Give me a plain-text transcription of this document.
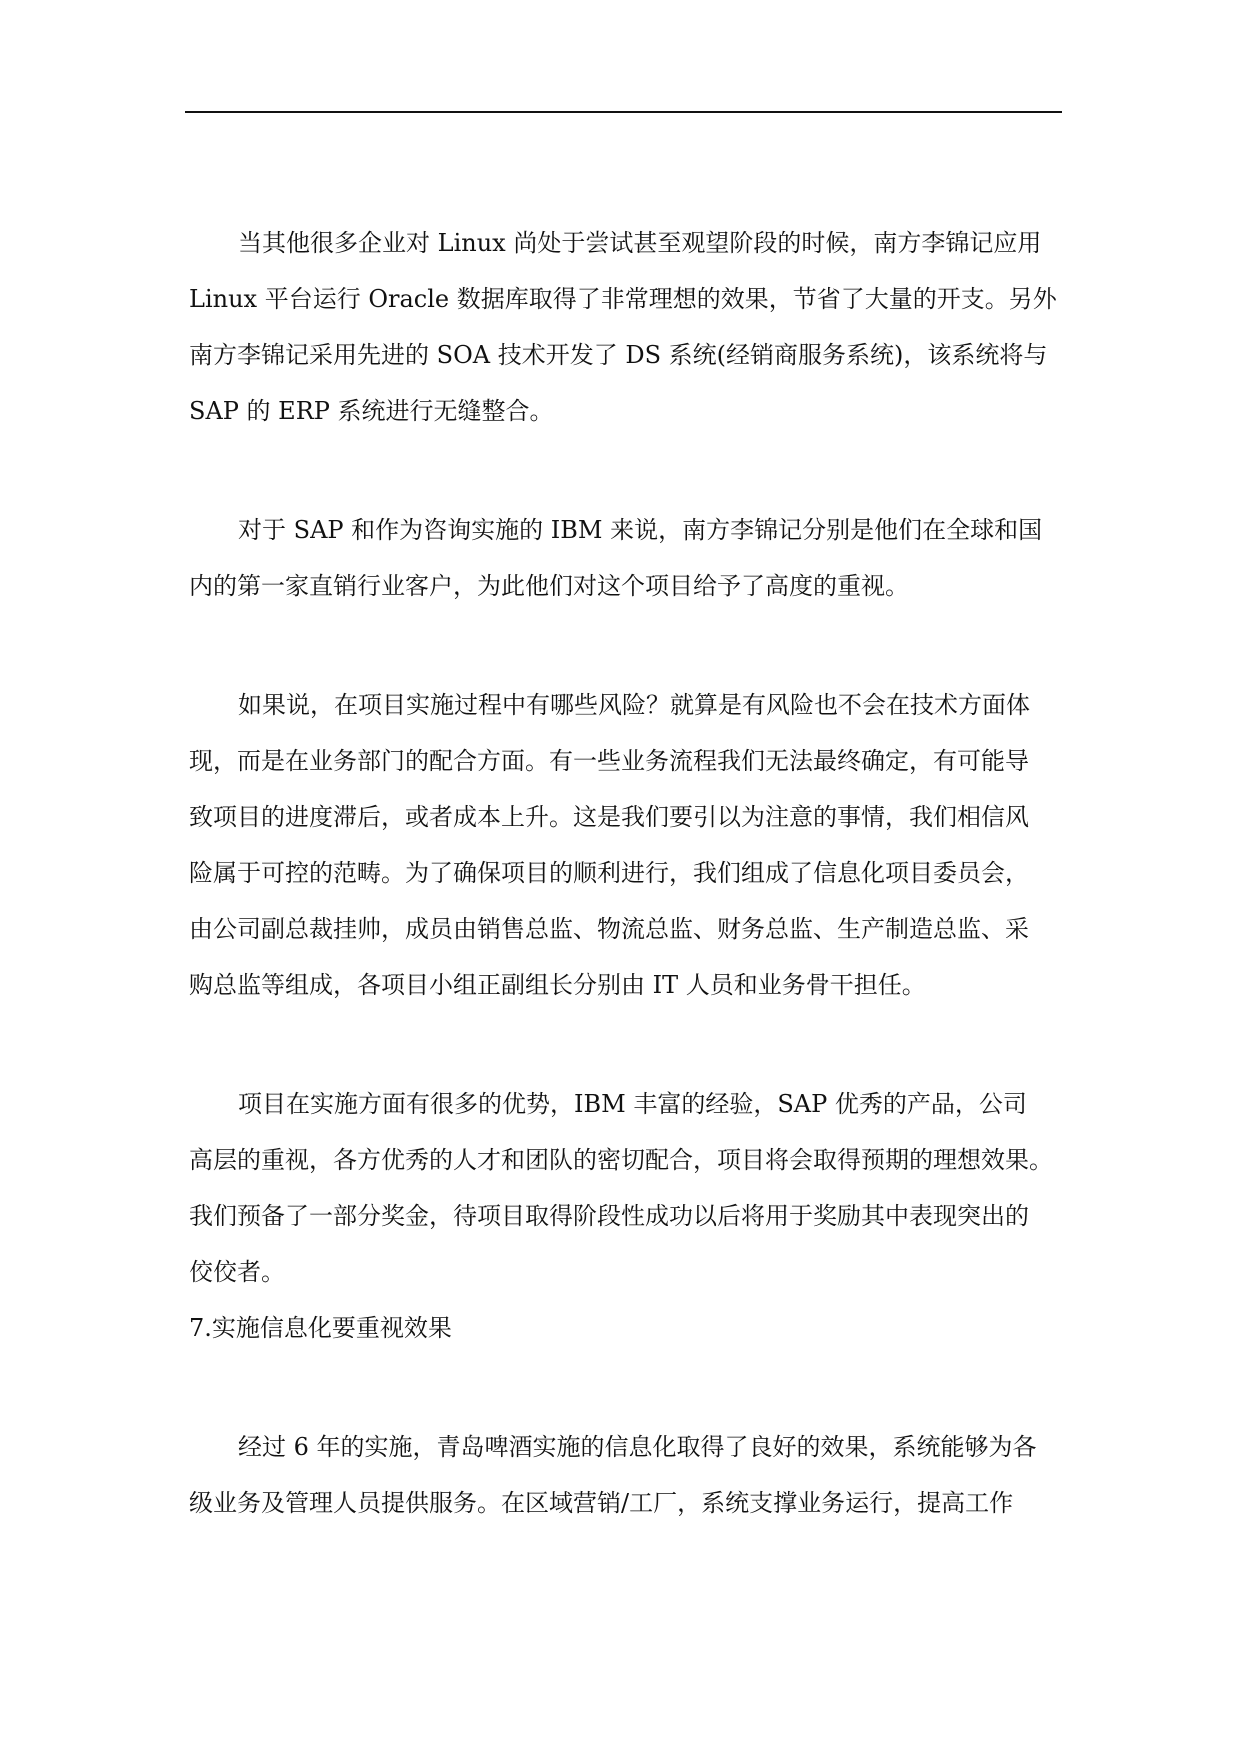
当其他很多企业对 Linux 尚处于尝试甚至观望阶段的时候，南方李锦记应用
Linux 平台运行 Oracle 数据库取得了非常理想的效果，节省了大量的开支。另外
南方李锦记采用先进的 SOA 技术开发了 DS 系统(经销商服务系统)，该系统将与
SAP 的 ERP 系统进行无缝整合。
对于 SAP 和作为咨询实施的 IBM 来说，南方李锦记分别是他们在全球和国
内的第一家直销行业客户，为此他们对这个项目给予了高度的重视。
如果说，在项目实施过程中有哪些风险？就算是有风险也不会在技术方面体
现，而是在业务部门的配合方面。有一些业务流程我们无法最终确定，有可能导
致项目的进度滞后，或者成本上升。这是我们要引以为注意的事情，我们相信风
险属于可控的范畴。为了确保项目的顺利进行，我们组成了信息化项目委员会，
由公司副总裁挂帅，成员由销售总监、物流总监、财务总监、生产制造总监、采
购总监等组成，各项目小组正副组长分别由 IT 人员和业务骨干担任。
项目在实施方面有很多的优势，IBM 丰富的经验，SAP 优秀的产品，公司
高层的重视，各方优秀的人才和团队的密切配合，项目将会取得预期的理想效果。
我们预备了一部分奖金，待项目取得阶段性成功以后将用于奖励其中表现突出的
佼佼者。
7.实施信息化要重视效果
经过 6 年的实施，青岛啤酒实施的信息化取得了良好的效果，系统能够为各
级业务及管理人员提供服务。在区域营销/工厂，系统支撑业务运行，提高工作
